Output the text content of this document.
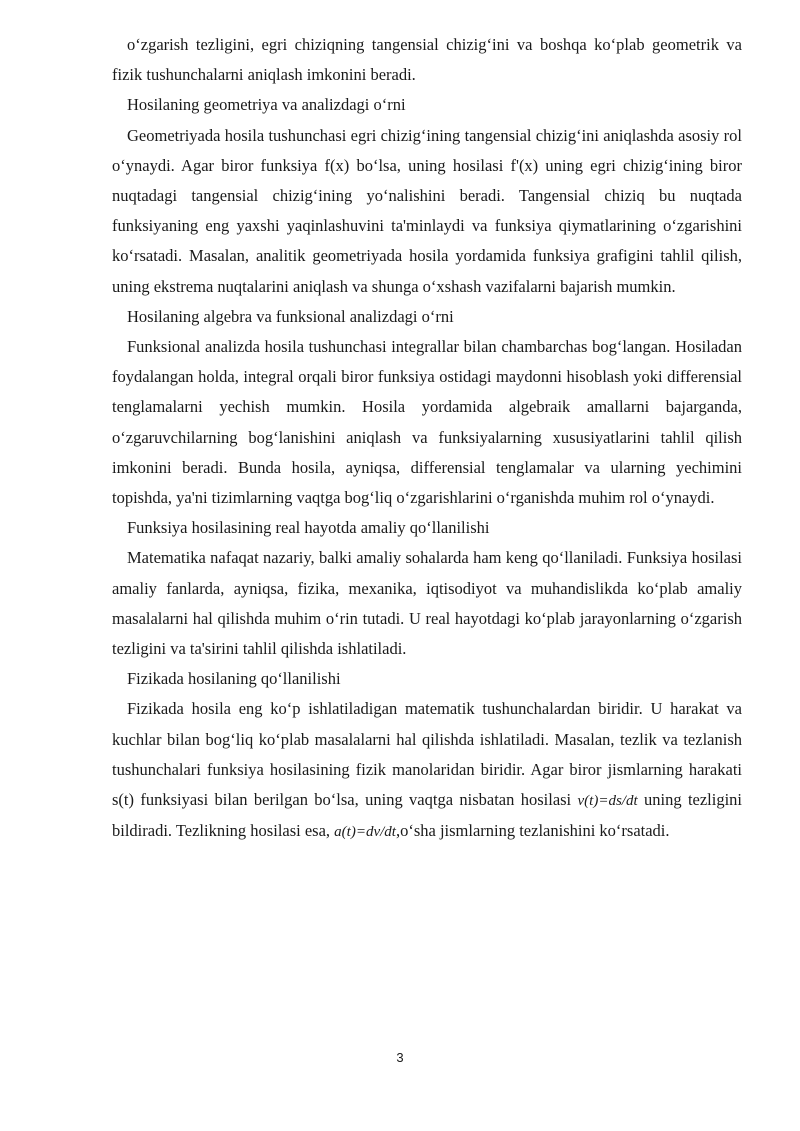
o‘zgarish tezligini, egri chiziqning tangensial chizig‘ini va boshqa ko‘plab geometrik va fizik tushunchalarni aniqlash imkonini beradi.

Hosilaning geometriya va analizdagi o‘rni

Geometriyada hosila tushunchasi egri chizig‘ining tangensial chizig‘ini aniqlashda asosiy rol o‘ynaydi. Agar biror funksiya f(x) bo‘lsa, uning hosilasi f'(x) uning egri chizig‘ining biror nuqtadagi tangensial chizig‘ining yo‘nalishini beradi. Tangensial chiziq bu nuqtada funksiyaning eng yaxshi yaqinlashuvini ta'minlaydi va funksiya qiymatlarining o‘zgarishini ko‘rsatadi. Masalan, analitik geometriyada hosila yordamida funksiya grafigini tahlil qilish, uning ekstrema nuqtalarini aniqlash va shunga o‘xshash vazifalarni bajarish mumkin.

Hosilaning algebra va funksional analizdagi o‘rni

Funksional analizda hosila tushunchasi integrallar bilan chambarchas bog‘langan. Hosiladan foydalangan holda, integral orqali biror funksiya ostidagi maydonni hisoblash yoki differensial tenglamalarni yechish mumkin. Hosila yordamida algebraik amallarni bajarganda, o‘zgaruvchilarning bog‘lanishini aniqlash va funksiyalarning xususiyatlarini tahlil qilish imkonini beradi. Bunda hosila, ayniqsa, differensial tenglamalar va ularning yechimini topishda, ya'ni tizimlarning vaqtga bog‘liq o‘zgarishlarini o‘rganishda muhim rol o‘ynaydi.

Funksiya hosilasining real hayotda amaliy qo‘llanilishi

Matematika nafaqat nazariy, balki amaliy sohalarda ham keng qo‘llaniladi. Funksiya hosilasi amaliy fanlarda, ayniqsa, fizika, mexanika, iqtisodiyot va muhandislikda ko‘plab amaliy masalalarni hal qilishda muhim o‘rin tutadi. U real hayotdagi ko‘plab jarayonlarning o‘zgarish tezligini va ta'sirini tahlil qilishda ishlatiladi.

Fizikada hosilaning qo‘llanilishi

Fizikada hosila eng ko‘p ishlatiladigan matematik tushunchalardan biridir. U harakat va kuchlar bilan bog‘liq ko‘plab masalalarni hal qilishda ishlatiladi. Masalan, tezlik va tezlanish tushunchalari funksiya hosilasining fizik manolaridan biridir. Agar biror jismlarning harakati s(t) funksiyasi bilan berilgan bo‘lsa, uning vaqtga nisbatan hosilasi v(t)=ds/dt uning tezligini bildiradi. Tezlikning hosilasi esa, a(t)=dv/dt,o‘sha jismlarning tezlanishini ko‘rsatadi.

3
